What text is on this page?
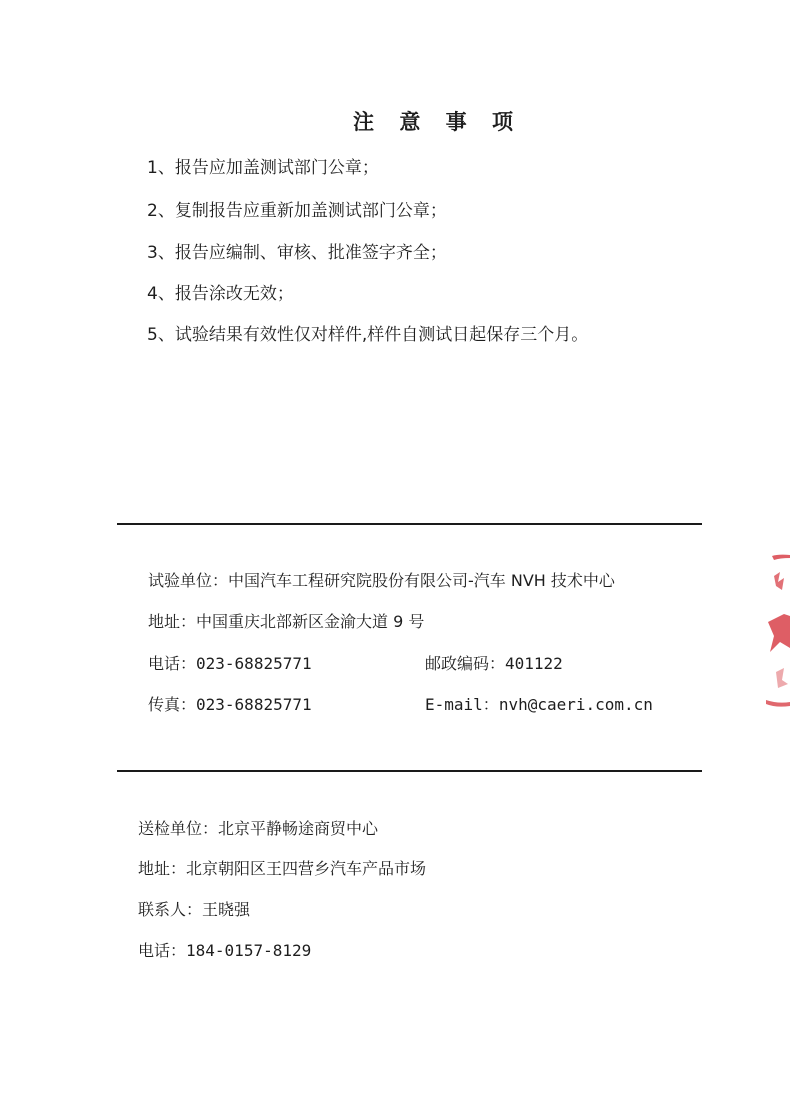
注 意 事 项
1、报告应加盖测试部门公章；
2、复制报告应重新加盖测试部门公章；
3、报告应编制、审核、批准签字齐全；
4、报告涂改无效；
5、试验结果有效性仅对样件,样件自测试日起保存三个月。
试验单位：中国汽车工程研究院股份有限公司-汽车 NVH 技术中心
地址：中国重庆北部新区金渝大道 9 号
电话：023-68825771	邮政编码：401122
传真：023-68825771	E-mail：nvh@caeri.com.cn
送检单位：北京平静畅途商贸中心
地址：北京朝阳区王四营乡汽车产品市场
联系人：王晓强
电话：184-0157-8129
